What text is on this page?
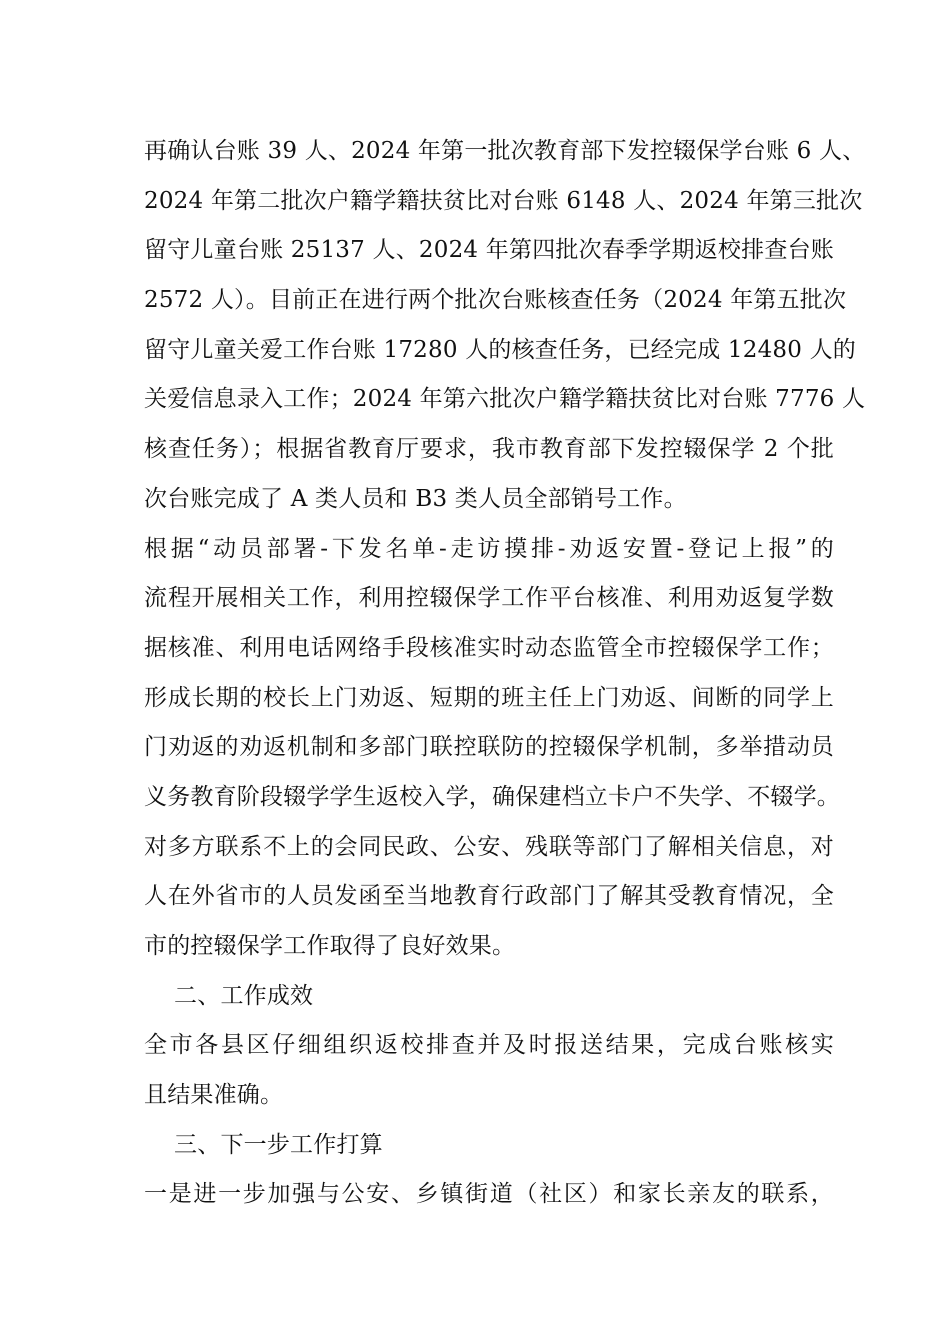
再确认台账 39 人、2024 年第一批次教育部下发控辍保学台账 6 人、
2024 年第二批次户籍学籍扶贫比对台账 6148 人、2024 年第三批次
留守儿童台账 25137 人、2024 年第四批次春季学期返校排查台账
2572 人）。目前正在进行两个批次台账核查任务（2024 年第五批次
留守儿童关爱工作台账 17280 人的核查任务，已经完成 12480 人的
关爱信息录入工作；2024 年第六批次户籍学籍扶贫比对台账 7776 人
核查任务）；根据省教育厅要求，我市教育部下发控辍保学 2 个批
次台账完成了 A 类人员和 B3 类人员全部销号工作。
根据“动员部署-下发名单-走访摸排-劝返安置-登记上报”的
流程开展相关工作，利用控辍保学工作平台核准、利用劝返复学数
据核准、利用电话网络手段核准实时动态监管全市控辍保学工作；
形成长期的校长上门劝返、短期的班主任上门劝返、间断的同学上
门劝返的劝返机制和多部门联控联防的控辍保学机制，多举措动员
义务教育阶段辍学学生返校入学，确保建档立卡户不失学、不辍学。
对多方联系不上的会同民政、公安、残联等部门了解相关信息，对
人在外省市的人员发函至当地教育行政部门了解其受教育情况，全
市的控辍保学工作取得了良好效果。
二、工作成效
全市各县区仔细组织返校排查并及时报送结果，完成台账核实
且结果准确。
三、下一步工作打算
一是进一步加强与公安、乡镇街道（社区）和家长亲友的联系，
